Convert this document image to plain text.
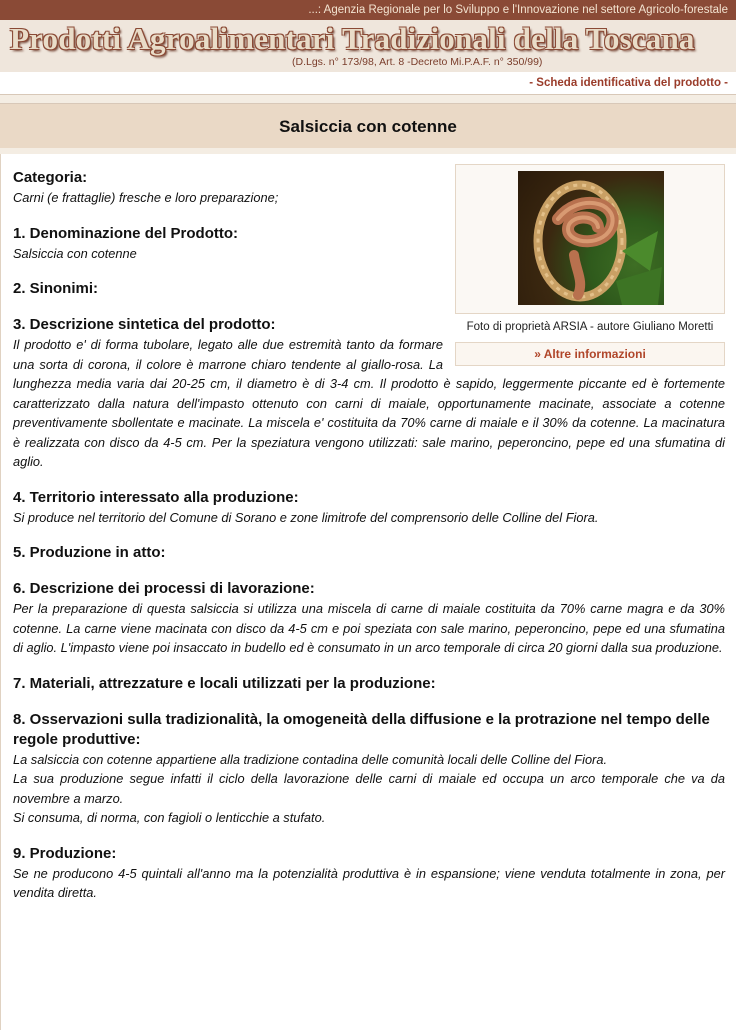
...: Agenzia Regionale per lo Sviluppo e l'Innovazione nel settore Agricolo-forestale
Prodotti Agroalimentari Tradizionali della Toscana
(D.Lgs. n° 173/98, Art. 8 -Decreto Mi.P.A.F. n° 350/99)
- Scheda identificativa del prodotto -
Salsiccia con cotenne
Foto di proprietà ARSIA - autore Giuliano Moretti
» Altre informazioni
Categoria:

Carni (e frattaglie) fresche e loro preparazione;

1. Denominazione del Prodotto:

Salsiccia con cotenne

2. Sinonimi:
3. Descrizione sintetica del prodotto:

Il prodotto e' di forma tubolare, legato alle due estremità tanto da formare una sorta di corona, il colore è marrone chiaro tendente al giallo-rosa. La lunghezza media varia dai 20-25 cm, il diametro è di 3-4 cm. Il prodotto è sapido, leggermente piccante ed è fortemente caratterizzato dalla natura dell'impasto ottenuto con carni di maiale, opportunamente macinate, associate a cotenne preventivamente sbollentate e macinate. La miscela e' costituita da 70% carne di maiale e il 30% da cotenne. La macinatura è realizzata con disco da 4-5 cm. Per la speziatura vengono utilizzati: sale marino, peperoncino, pepe ed una sfumatina di aglio.

4. Territorio interessato alla produzione:

Si produce nel territorio del Comune di Sorano e zone limitrofe del comprensorio delle Colline del Fiora.

5. Produzione in atto:
6. Descrizione dei processi di lavorazione:

Per la preparazione di questa salsiccia si utilizza una miscela di carne di maiale costituita da 70% carne magra e da 30% cotenne. La carne viene macinata con disco da 4-5 cm e poi speziata con sale marino, peperoncino, pepe ed una sfumatina di aglio. L'impasto viene poi insaccato in budello ed è consumato in un arco temporale di circa 20 giorni dalla sua produzione.

7. Materiali, attrezzature e locali utilizzati per la produzione:
8. Osservazioni sulla tradizionalità, la omogeneità della diffusione e la protrazione nel tempo delle regole produttive:

La salsiccia con cotenne appartiene alla tradizione contadina delle comunità locali delle Colline del Fiora.

La sua produzione segue infatti il ciclo della lavorazione delle carni di maiale ed occupa un arco temporale che va da novembre a marzo.

Si consuma, di norma, con fagioli o lenticchie a stufato.

9. Produzione:

Se ne producono 4-5 quintali all'anno ma la potenzialità produttiva è in espansione; viene venduta totalmente in zona, per vendita diretta.
